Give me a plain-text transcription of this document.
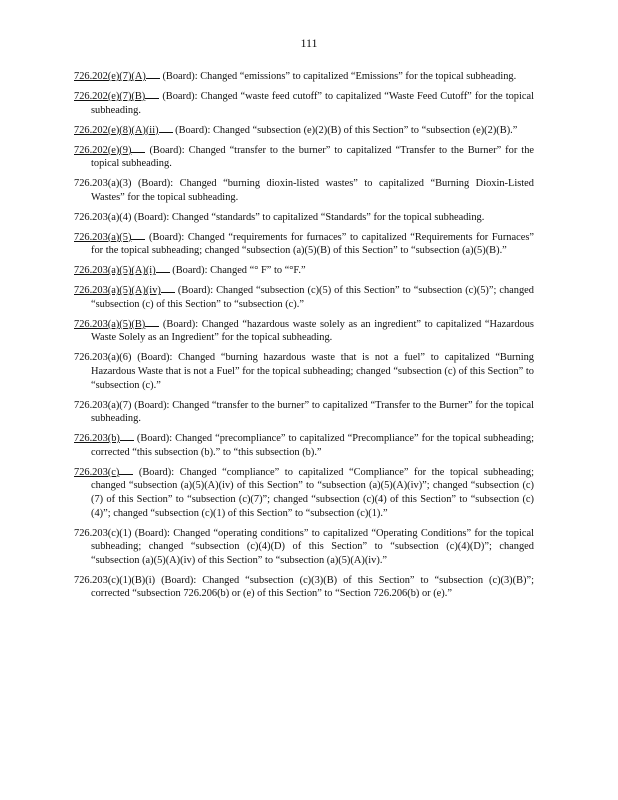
111

726.202(e)(7)(A) (Board): Changed “emissions” to capitalized “Emissions” for the topical subheading.

726.202(e)(7)(B) (Board): Changed “waste feed cutoff” to capitalized “Waste Feed Cutoff” for the topical subheading.

726.202(e)(8)(A)(ii) (Board): Changed “subsection (e)(2)(B) of this Section” to “subsection (e)(2)(B).”

726.202(e)(9) (Board): Changed “transfer to the burner” to capitalized “Transfer to the Burner” for the topical subheading.

726.203(a)(3) (Board): Changed “burning dioxin-listed wastes” to capitalized “Burning Dioxin-Listed Wastes” for the topical subheading.

726.203(a)(4) (Board): Changed “standards” to capitalized “Standards” for the topical subheading.

726.203(a)(5) (Board): Changed “requirements for furnaces” to capitalized “Requirements for Furnaces” for the topical subheading; changed “subsection (a)(5)(B) of this Section” to “subsection (a)(5)(B).”

726.203(a)(5)(A)(i) (Board): Changed “° F” to “°F.”

726.203(a)(5)(A)(iv) (Board): Changed “subsection (c)(5) of this Section” to “subsection (c)(5)”; changed “subsection (c) of this Section” to “subsection (c).”

726.203(a)(5)(B) (Board): Changed “hazardous waste solely as an ingredient” to capitalized “Hazardous Waste Solely as an Ingredient” for the topical subheading.

726.203(a)(6) (Board): Changed “burning hazardous waste that is not a fuel” to capitalized “Burning Hazardous Waste that is not a Fuel” for the topical subheading; changed “subsection (c) of this Section” to “subsection (c).”

726.203(a)(7) (Board): Changed “transfer to the burner” to capitalized “Transfer to the Burner” for the topical subheading.

726.203(b) (Board): Changed “precompliance” to capitalized “Precompliance” for the topical subheading; corrected “this subsection (b).” to “this subsection (b).”

726.203(c) (Board): Changed “compliance” to capitalized “Compliance” for the topical subheading; changed “subsection (a)(5)(A)(iv) of this Section” to “subsection (a)(5)(A)(iv)”; changed “subsection (c)(7) of this Section” to “subsection (c)(7)”; changed “subsection (c)(4) of this Section” to “subsection (c)(4)”; changed “subsection (c)(1) of this Section” to “subsection (c)(1).”

726.203(c)(1) (Board): Changed “operating conditions” to capitalized “Operating Conditions” for the topical subheading; changed “subsection (c)(4)(D) of this Section” to “subsection (c)(4)(D)”; changed “subsection (a)(5)(A)(iv) of this Section” to “subsection (a)(5)(A)(iv).”

726.203(c)(1)(B)(i) (Board): Changed “subsection (c)(3)(B) of this Section” to “subsection (c)(3)(B)”; corrected “subsection 726.206(b) or (e) of this Section” to “Section 726.206(b) or (e).”
